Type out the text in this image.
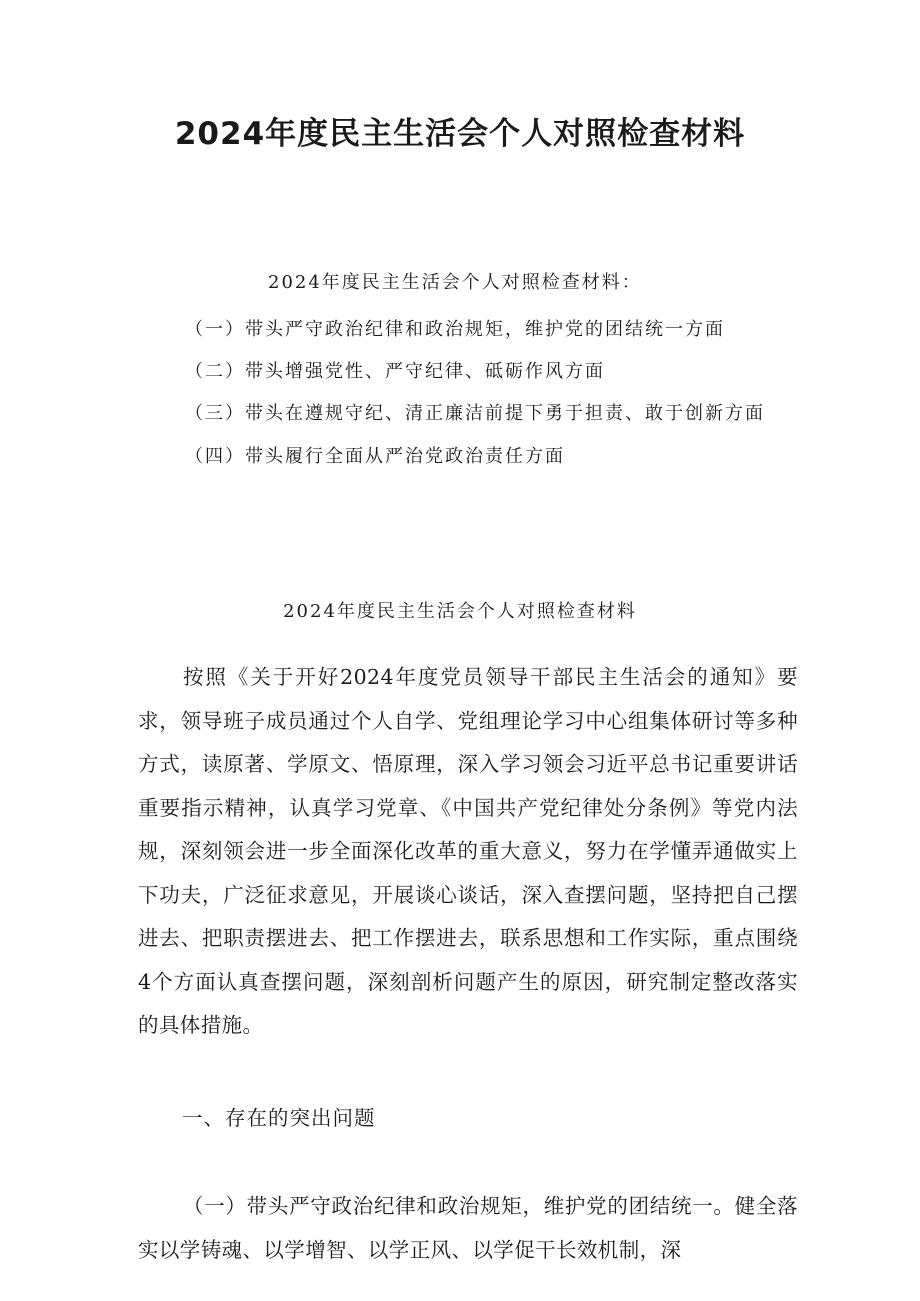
2024年度民主生活会个人对照检查材料
2024年度民主生活会个人对照检查材料：
（一）带头严守政治纪律和政治规矩，维护党的团结统一方面
（二）带头增强党性、严守纪律、砥砺作风方面
（三）带头在遵规守纪、清正廉洁前提下勇于担责、敢于创新方面
（四）带头履行全面从严治党政治责任方面
2024年度民主生活会个人对照检查材料
按照《关于开好2024年度党员领导干部民主生活会的通知》要求，领导班子成员通过个人自学、党组理论学习中心组集体研讨等多种方式，读原著、学原文、悟原理，深入学习领会习近平总书记重要讲话重要指示精神，认真学习党章、《中国共产党纪律处分条例》等党内法规，深刻领会进一步全面深化改革的重大意义，努力在学懂弄通做实上下功夫，广泛征求意见，开展谈心谈话，深入查摆问题，坚持把自己摆进去、把职责摆进去、把工作摆进去，联系思想和工作实际，重点围绕4个方面认真查摆问题，深刻剖析问题产生的原因，研究制定整改落实的具体措施。
一、存在的突出问题
（一）带头严守政治纪律和政治规矩，维护党的团结统一。健全落实以学铸魂、以学增智、以学正风、以学促干长效机制，深
